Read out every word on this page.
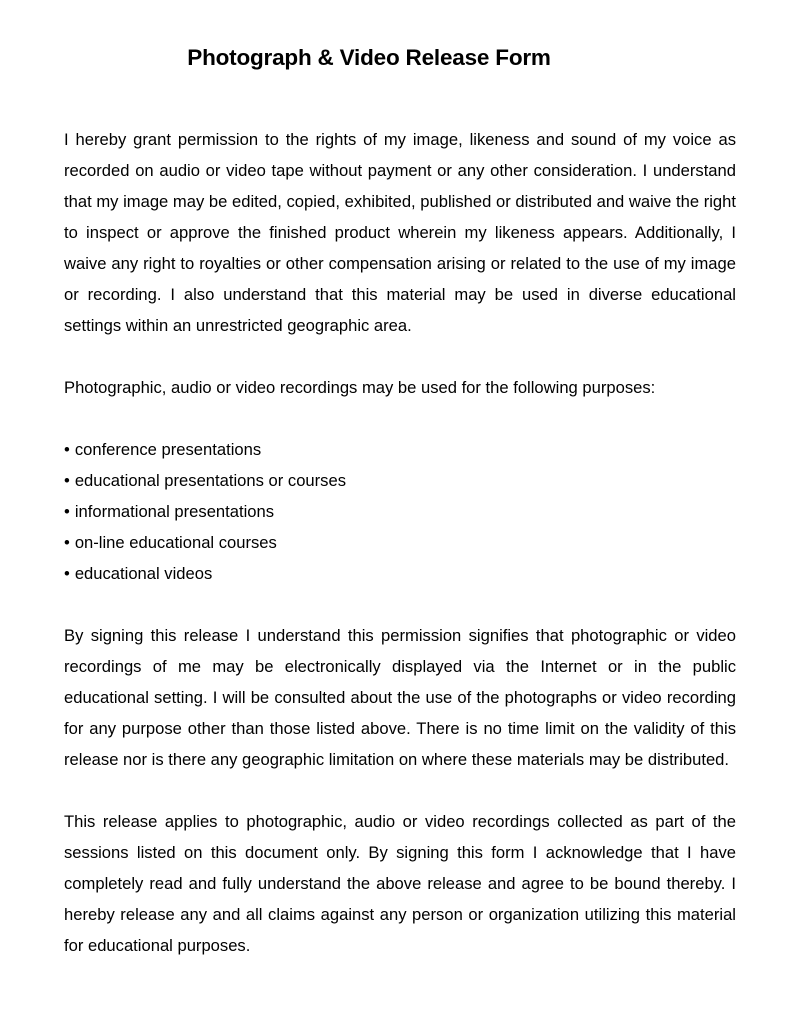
Photograph & Video Release Form

I hereby grant permission to the rights of my image, likeness and sound of my voice as recorded on audio or video tape without payment or any other consideration. I understand that my image may be edited, copied, exhibited, published or distributed and waive the right to inspect or approve the finished product wherein my likeness appears. Additionally, I waive any right to royalties or other compensation arising or related to the use of my image or recording. I also understand that this material may be used in diverse educational settings within an unrestricted geographic area.

Photographic, audio or video recordings may be used for the following purposes:

• conference presentations
• educational presentations or courses
• informational presentations
• on-line educational courses
• educational videos

By signing this release I understand this permission signifies that photographic or video recordings of me may be electronically displayed via the Internet or in the public educational setting. I will be consulted about the use of the photographs or video recording for any purpose other than those listed above. There is no time limit on the validity of this release nor is there any geographic limitation on where these materials may be distributed.

This release applies to photographic, audio or video recordings collected as part of the sessions listed on this document only. By signing this form I acknowledge that I have completely read and fully understand the above release and agree to be bound thereby. I hereby release any and all claims against any person or organization utilizing this material for educational purposes.
